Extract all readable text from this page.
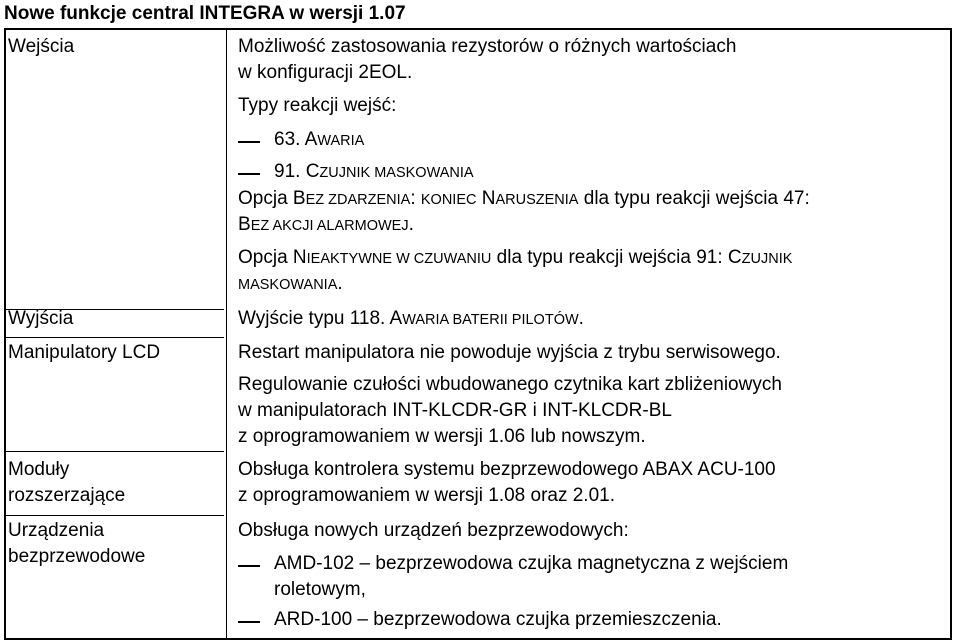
Nowe funkcje central INTEGRA w wersji 1.07
Wejścia
Wyjścia
Manipulatory LCD
Moduły
rozszerzające
Urządzenia
bezprzewodowe
Możliwość zastosowania rezystorów o różnych wartościach
w konfiguracji 2EOL.
Typy reakcji wejść:
63. AWARIA
91. CZUJNIK MASKOWANIA
Opcja BEZ ZDARZENIA: KONIEC NARUSZENIA dla typu reakcji wejścia 47:
BEZ AKCJI ALARMOWEJ.
Opcja NIEAKTYWNE W CZUWANIU dla typu reakcji wejścia 91: CZUJNIK
MASKOWANIA.
Wyjście typu 118. AWARIA BATERII PILOTÓW.
Restart manipulatora nie powoduje wyjścia z trybu serwisowego.
Regulowanie czułości wbudowanego czytnika kart zbliżeniowych
w manipulatorach INT-KLCDR-GR i INT-KLCDR-BL
z oprogramowaniem w wersji 1.06 lub nowszym.
Obsługa kontrolera systemu bezprzewodowego ABAX ACU-100
z oprogramowaniem w wersji 1.08 oraz 2.01.
Obsługa nowych urządzeń bezprzewodowych:
AMD-102 – bezprzewodowa czujka magnetyczna z wejściem
roletowym,
ARD-100 – bezprzewodowa czujka przemieszczenia.
